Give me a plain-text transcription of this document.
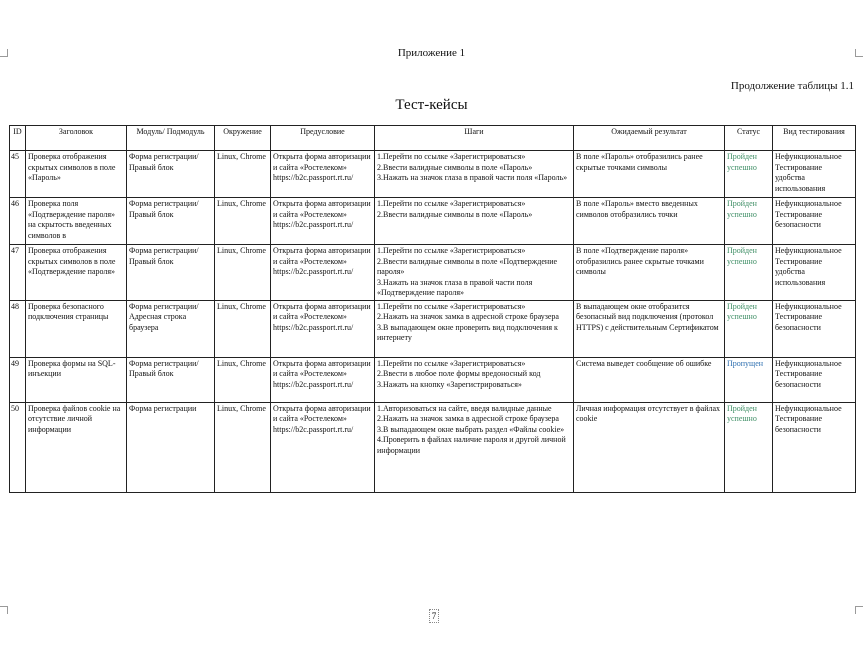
Приложение 1
Продолжение таблицы 1.1
Тест-кейсы
ID	Заголовок	Модуль/ Подмодуль	Окружение	Предусловие	Шаги	Ожидаемый результат	Статус	Вид тестирования
45	Проверка отображения скрытых символов в поле «Пароль»	Форма регистрации/ Правый блок	Linux, Chrome	Открыта форма авторизации и сайта «Ростелеком» https://b2c.passport.rt.ru/	1.Перейти по ссылке «Зарегистрироваться»
2.Ввести валидные символы в поле «Пароль»
3.Нажать на значок глаза в правой части поля «Пароль»	В поле «Пароль» отобразились ранее скрытые точками символы	Пройден успешно	Нефункциональное Тестирование удобства использования
46	Проверка поля «Подтверждение пароля» на скрытость введенных символов в	Форма регистрации/ Правый блок	Linux, Chrome	Открыта форма авторизации и сайта «Ростелеком» https://b2c.passport.rt.ru/	1.Перейти по ссылке «Зарегистрироваться»
2.Ввести валидные символы в поле «Пароль»	В поле «Пароль» вместо введенных символов отобразились точки	Пройден успешно	Нефункциональное Тестирование безопасности
47	Проверка отображения скрытых символов в поле «Подтверждение пароля»	Форма регистрации/ Правый блок	Linux, Chrome	Открыта форма авторизации и сайта «Ростелеком» https://b2c.passport.rt.ru/	1.Перейти по ссылке «Зарегистрироваться»
2.Ввести валидные символы в поле «Подтверждение пароля»
3.Нажать на значок глаза в правой части поля «Подтверждение пароля»	В поле «Подтверждение пароля» отобразились ранее скрытые точками символы	Пройден успешно	Нефункциональное Тестирование удобства использования
48	Проверка безопасного подключения страницы	Форма регистрации/ Адресная строка браузера	Linux, Chrome	Открыта форма авторизации и сайта «Ростелеком» https://b2c.passport.rt.ru/	1.Перейти по ссылке «Зарегистрироваться»
2.Нажать на значок замка в адресной строке браузера
3.В выпадающем окне проверить вид подключения к интернету	В выпадающем окне отобразится безопасный вид подключения (протокол HTTPS) с действительным Сертификатом	Пройден успешно	Нефункциональное Тестирование безопасности
49	Проверка формы на SQL-инъекции	Форма регистрации/ Правый блок	Linux, Chrome	Открыта форма авторизации и сайта «Ростелеком» https://b2c.passport.rt.ru/	1.Перейти по ссылке «Зарегистрироваться»
2.Ввести в любое поле формы вредоносный код
3.Нажать на кнопку «Зарегистрироваться»	Система выведет сообщение об ошибке	Пропущен	Нефункциональное Тестирование безопасности
50	Проверка файлов cookie на отсутствие личной информации	Форма регистрации	Linux, Chrome	Открыта форма авторизации и сайта «Ростелеком» https://b2c.passport.rt.ru/	1.Авторизоваться на сайте, введя валидные данные
2.Нажать на значок замка в адресной строке браузера
3.В выпадающем окне выбрать раздел «Файлы cookie»
4.Проверить в файлах наличие пароля и другой личной информации	Личная информация отсутствует в файлах cookie	Пройден успешно	Нефункциональное Тестирование безопасности
7
